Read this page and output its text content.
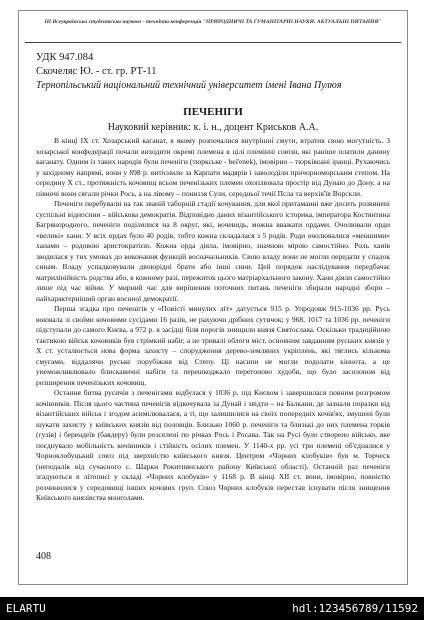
ІІІ Всеукраїнська студентська науково - технічна конференція "ПРИРОДНИЧІ ТА ГУМАНІТАРНІ НАУКИ. АКТУАЛЬНІ ПИТАННЯ"
УДК 947.084
Скочеляс Ю. - ст. гр. РТ-11
Тернопільський національний технічний університет імені Івана Пулюя
ПЕЧЕНІГИ
Науковий керівник: к. і. н., доцент Криськов А.А.

В кінці IX ст. Хозарський каганат, в якому розпочалися внутрішні смути, втратив свою могутність. З хозарської конфедерації почали виходити окремі племена в цілі племінні союзи, які раніше платили данину каганату. Одним із таких народів були печеніги (тюркське - beĉenek), імовірно – тюрківоані іранці. Рухаючись у західному напрямі, вони у 898 р. витіснили за Карпати мадярів і заволоділи причорноморським степом. На середину X ст., протяжність кочовищ всьом печенізьких племен охоплювала простір від Дунаю до Дону, а на півночі вони сягали річки Рось, а на лівому – пониззя Сули, середньої течії Псла та верхів'їв Ворскли.

Печеніги перебували на так званій таборній стадії кочування, для якої притаманні вже досить розвинені суспільні відносини – військова демократія. Відповідно даних візантійського історика, імператора Костянтина Багрянородного, печеніги поділялися на 8 округ, які, вочевидь, можна вважати ордами. Очолювали орди «великі» хани. У всіх ордах було 40 родів, тобто кожна складалася з 5 родів. Роди очолювалися «меншими» ханами – родовою аристократією. Кожна орда діяла, імовірно, значною мірою самостійно. Роль ханів зводилася у тих умовах до виконання функцій восначальників. Свою владу вони не могли передати у спадок синам. Владу успадковували двоюрідні брати або інші сини. Цей порядок наслідування передбачає матрилінійність родства або, в кожному разі, пережиток цього матріархального закону. Хани діяли самостійно лише під час війни. У мирний час для вирішення поточних питань печеніги збирали народні збори – найхарактерніший орган воєнної демократії.

Перша згадка про печенігів у «Повісті минулих літ» датується 915 р. Упродовж 915-1036 рр. Русь воювала зі своїми кочовими сусідами 16 разів, не рахуючи дрібних сутичок; у 968, 1017 та 1036 рр. печеніги підступали до самого Києва, а 972 р. в засідці біля порогів знищили князя Святослава. Оскільки традиційною тактикою військ кочовиків був стрімкий набіг, а не тривалі облоги міст, основним завданням руських князів у X ст. усталюється нова форма захисту – спорудження дерево-земляних укріплень, які тяглись кількома смугами, віддалячи руське порубіжжя від Степу. Ці насипи не могли подолати кіннота, а це унеможливлювало блискавичні набіги та перешкоджало перетоново худоби, що було засолоном від розширення печенізьких кочовищ.

Остання битва русичів з печенігами відбулася у 1036 р. під Києвом і завершилася повним розгромом кочівників. Після цього частина печенігів відкочувала за Дунай і звідти – на Балкани, де зазнали поразки від візантійських військ і згодом асимілювалася, а ті, що залишилися на своїх попередніх кочів'ях, змушені були шукати захисту у київських князів від половців. Близько 1060 р. печеніги та близькі до них племена торків (гузів) і берендеїв (баядеру) були розселені по річках Рось і Росава. Так на Русі було створено військо, яке поєднувало мобільність кочівників і стійкість осілих племен. У 1140-х рр. усі три племені об'єдналися у Чорноклобуцький союз під зверхністю київського князя. Центром «Чорних клобуків» був м. Торческ (неподалік від сучасного с. Шарки Рокитнянського району Київської області). Останній раз печеніги згадуються в літописі у складі «Чорних клобуків» у 1168 р. В кінці XII ст. вони, імовірно, повністю розчинилися у середовищі інших кочових груп. Союз Чорних клобуків перестав існувати після знищення Київського князівства монголами.

408
ELARTU	hdl:123456789/11592
